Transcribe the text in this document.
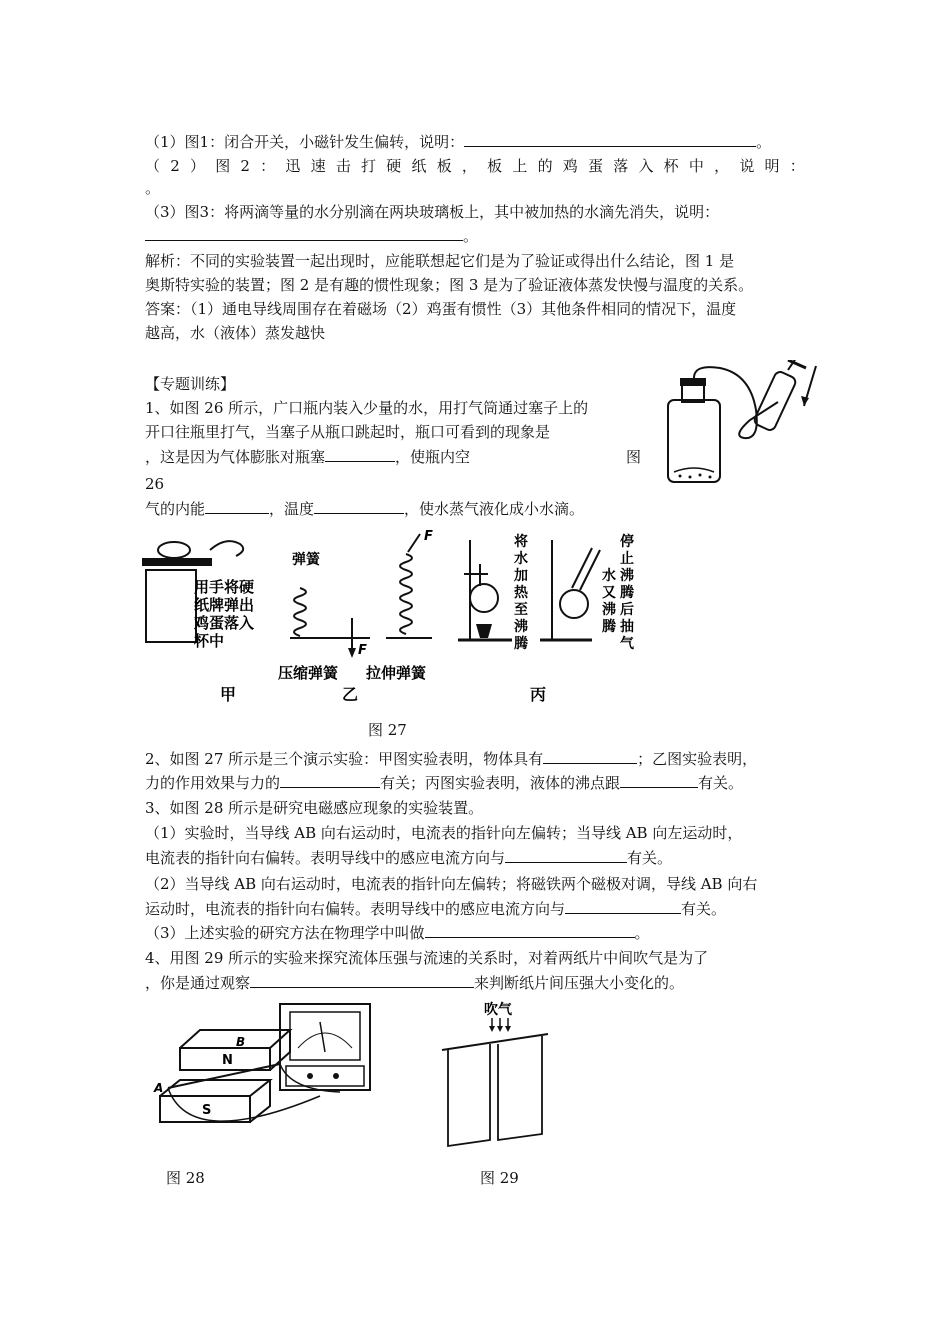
（1）图1：闭合开关，小磁针发生偏转，说明：	。
（ 2 ） 图 2 ： 迅 速 击 打 硬 纸 板 ， 板 上 的 鸡 蛋 落 入 杯 中 ， 说 明 ：
。
（3）图3：将两滴等量的水分别滴在两块玻璃板上，其中被加热的水滴先消失，说明：
。
解析：不同的实验装置一起出现时，应能联想起它们是为了验证或得出什么结论，图 1 是
奥斯特实验的装置；图 2 是有趣的惯性现象；图 3 是为了验证液体蒸发快慢与温度的关系。
答案：（1）通电导线周围存在着磁场（2）鸡蛋有惯性（3）其他条件相同的情况下，温度
越高，水（液体）蒸发越快
【专题训练】
1、如图 26 所示，广口瓶内装入少量的水，用打气筒通过塞子上的
开口往瓶里打气，当塞子从瓶口跳起时，瓶口可看到的现象是
，这是因为气体膨胀对瓶塞	，使瓶内空	图
26
气的内能	，温度	，使水蒸气液化成小水滴。
用手将硬
纸牌弹出
鸡蛋落入
杯中
甲
弹簧
F
F
压缩弹簧 拉伸弹簧
乙
将
水
加
热
至
沸
腾
停
止
沸
腾
后
抽
气
水
又
沸
腾
丙
图 27
2、如图 27 所示是三个演示实验：甲图实验表明，物体具有	；乙图实验表明，
力的作用效果与力的	有关；丙图实验表明，液体的沸点跟	有关。
3、如图 28 所示是研究电磁感应现象的实验装置。
（1）实验时，当导线 AB 向右运动时，电流表的指针向左偏转；当导线 AB 向左运动时，
电流表的指针向右偏转。表明导线中的感应电流方向与	有关。
（2）当导线 AB 向右运动时，电流表的指针向左偏转；将磁铁两个磁极对调，导线 AB 向右
运动时，电流表的指针向右偏转。表明导线中的感应电流方向与	有关。
（3）上述实验的研究方法在物理学中叫做	。
4、用图 29 所示的实验来探究流体压强与流速的关系时，对着两纸片中间吹气是为了
，你是通过观察	来判断纸片间压强大小变化的。
N
S
A
B
图 28
吹气
图 29
